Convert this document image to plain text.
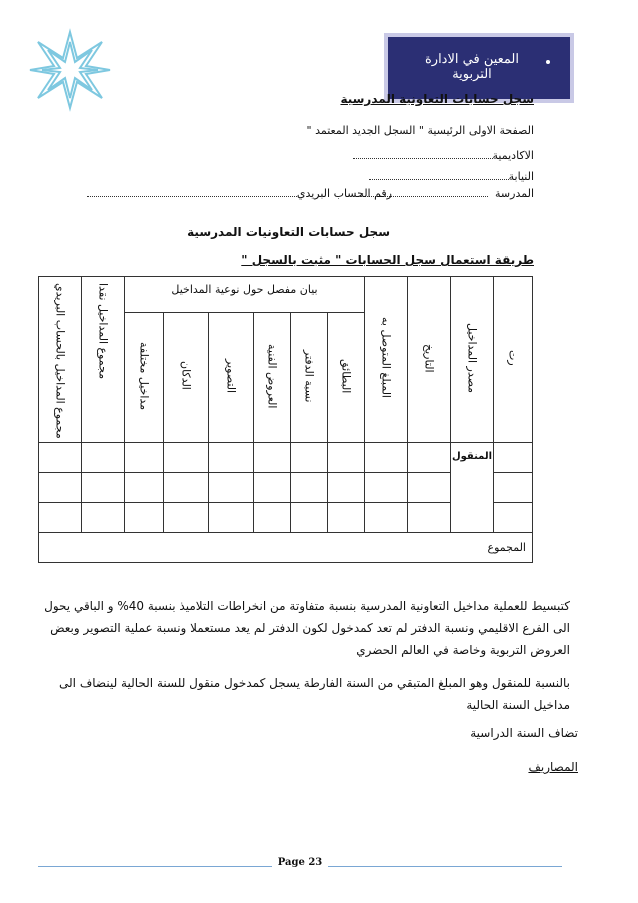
المعين في الادارة التربوية
سجل حسابات التعاونية المدرسية
الصفحة الاولى الرئيسية " السجل الجديد المعتمد "
الاكاديمية
النيابة
المدرسة
رقم الحساب البريدي
سجل حسابات التعاونيات المدرسية
طريقة استعمال سجل الحسابات " مثبت بالسجل "
رت	مصدر المداخيل	التاريخ	المبلغ المتوصل به	بيان مفصل حول نوعية المداخيل						مجموع المداخيل نقدا	مجموع المداخيل بالحساب البريدي
				البطائق	نسبة الدفتر	العروض الفنية	التصوير	الدكان	مداخيل مختلفة		
	المنقول										

المجموع											
كتبسيط للعملية مداخيل التعاونية المدرسية بنسبة متفاوتة من انخراطات التلاميذ بنسبة 40% و الباقي يحول الى الفرع الاقليمي ونسبة الدفتر لم تعد كمدخول لكون الدفتر لم يعد مستعملا ونسبة عملية التصوير وبعض العروض التربوية وخاصة في العالم الحضري
بالنسبة للمنقول وهو المبلغ المتبقي من السنة الفارطة يسجل كمدخول منقول للسنة الحالية لينضاف الى مداخيل السنة الحالية
تضاف السنة الدراسية
المصاريف
Page 23
